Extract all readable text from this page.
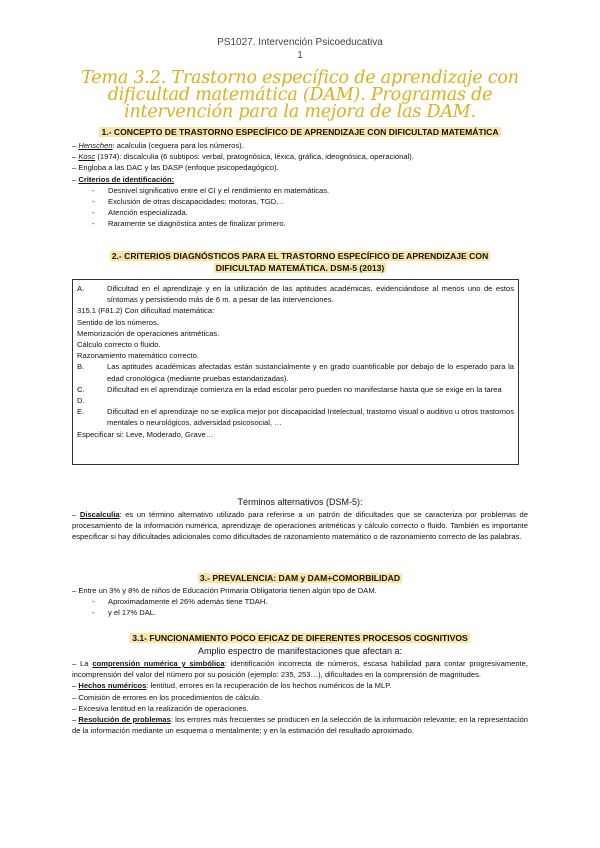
PS1027. Intervención Psicoeducativa
1
Tema 3.2. Trastorno específico de aprendizaje con dificultad matemática (DAM). Programas de intervención para la mejora de las DAM.
1.- CONCEPTO DE TRASTORNO ESPECÍFICO DE APRENDIZAJE CON DIFICULTAD MATEMÁTICA

– Henschen: acalculia (ceguera para los números).

– Kosc (1974): discalculia (6 subtipos: verbal, pratognósica, léxica, gráfica, ideognósica, operacional).

– Engloba a las DAC y las DASP (enfoque psicopedagógico).

– Criterios de identificación:

- Desnivel significativo entre el CI y el rendimiento en matemáticas.

- Exclusión de otras discapacidades: motoras, TGD…

- Atención especializada.

- Raramente se diagnóstica antes de finalizar primero.

2.- CRITERIOS DIAGNÓSTICOS PARA EL TRASTORNO ESPECÍFICO DE APRENDIZAJE CON
DIFICULTAD MATEMÁTICA. DSM-5 (2013)
A.	Dificultad en el aprendizaje y en la utilización de las aptitudes académicas, evidenciándose al menos uno de estos síntomas y persistiendo más de 6 m. a pesar de las intervenciones.
315.1 (F81.2) Con dificultad matemática:
Sentido de los números.
Memorización de operaciones aritméticas.
Cálculo correcto o fluido.
Razonamiento matemático correcto.
B.	Las aptitudes académicas afectadas están sustancialmente y en grado cuantificable por debajo de lo esperado para la edad cronológica (mediante pruebas estandarizadas).
C.	Dificultad en el aprendizaje comienza en la edad escolar pero pueden no manifestarse hasta que se exige en la tarea
D.
E.	Dificultad en el aprendizaje no se explica mejor por discapacidad Intelectual, trastorno visual o auditivo u otros trastornos mentales o neurológicos, adversidad psicosocial, …
Especificar si: Leve, Moderado, Grave…
Términos alternativos (DSM-5):

– Discalculia: es un término alternativo utilizado para referirse a un patrón de dificultades que se caracteriza por problemas de procesamiento de la información numérica, aprendizaje de operaciones aritméticas y cálculo correcto o fluido. También es importante especificar si hay dificultades adicionales como dificultades de razonamiento matemático o de razonamiento correcto de las palabras.

3.- PREVALENCIA: DAM y DAM+COMORBILIDAD

– Entre un 3% y 8% de niños de Educación Primaria Obligatoria tienen algún tipo de DAM.

- Aproximadamente el 26% además tiene TDAH.

- y el 17% DAL.

3.1- FUNCIONAMIENTO POCO EFICAZ DE DIFERENTES PROCESOS COGNITIVOS
Amplio espectro de manifestaciones que afectan a:

– La comprensión numérica y simbólica: identificación incorrecta de números, escasa habilidad para contar progresivamente, incomprensión del valor del número por su posición (ejemplo: 235, 253…), dificultades en la comprensión de magnitudes.

– Hechos numéricos: lentitud, errores en la recuperación de los hechos numéricos de la MLP.

– Comisión de errores en los procedimientos de cálculo.

– Excesiva lentitud en la realización de operaciones.

– Resolución de problemas: los errores más frecuentes se producen en la selección de la información relevante; en la representación de la información mediante un esquema o mentalmente; y en la estimación del resultado aproximado.
